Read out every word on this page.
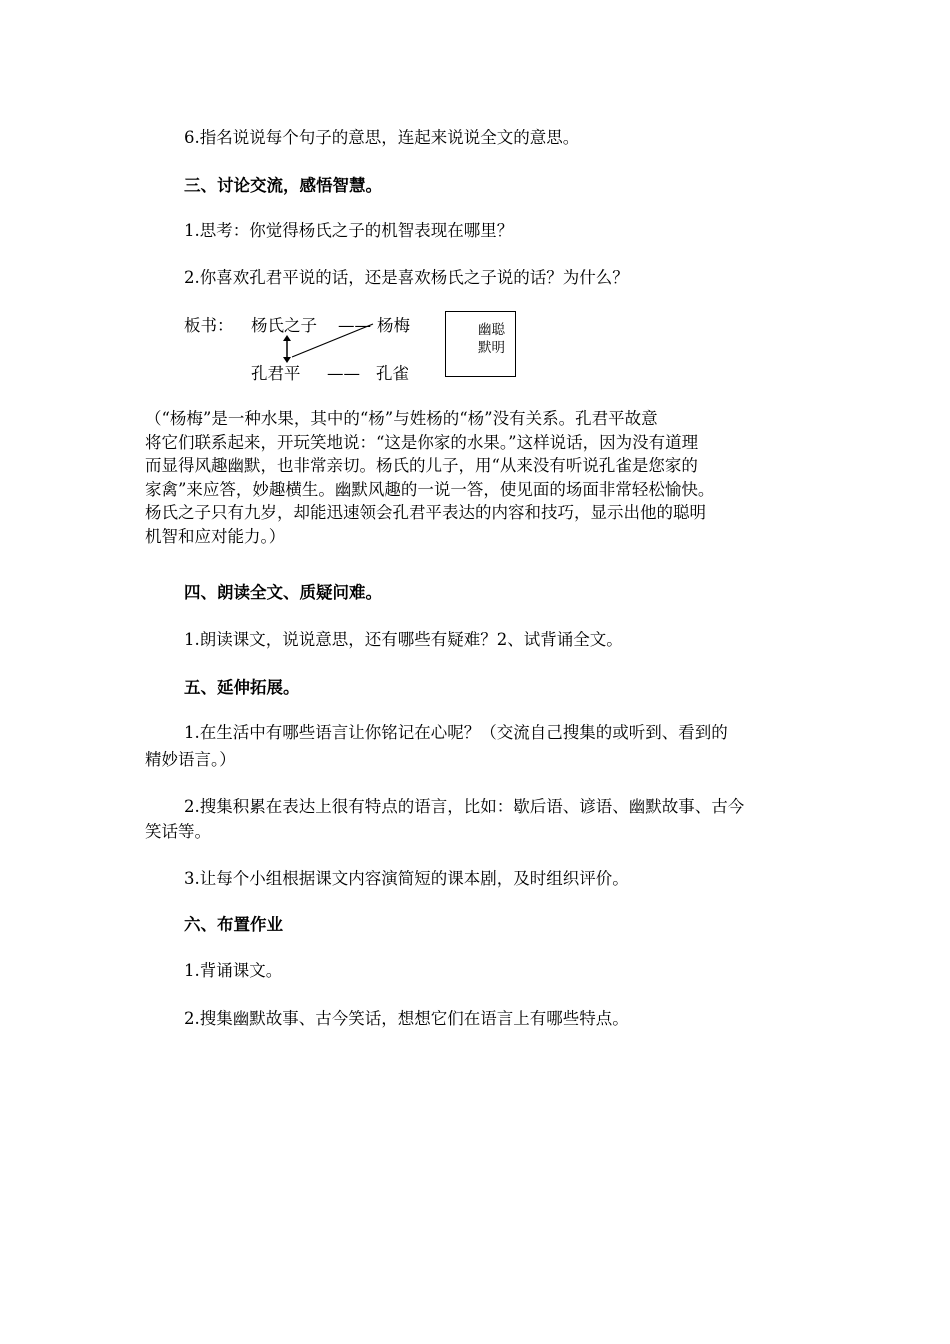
6.指名说说每个句子的意思，连起来说说全文的意思。
三、讨论交流，感悟智慧。
1.思考：你觉得杨氏之子的机智表现在哪里？
2.你喜欢孔君平说的话，还是喜欢杨氏之子说的话？为什么？
板书： 杨氏之子 —— 杨梅
孔君平 —— 孔雀
幽聪
默明
（“杨梅”是一种水果，其中的“杨”与姓杨的“杨”没有关系。孔君平故意
将它们联系起来，开玩笑地说：“这是你家的水果。”这样说话，因为没有道理
而显得风趣幽默，也非常亲切。杨氏的儿子，用“从来没有听说孔雀是您家的
家禽”来应答，妙趣横生。幽默风趣的一说一答，使见面的场面非常轻松愉快。
杨氏之子只有九岁，却能迅速领会孔君平表达的内容和技巧，显示出他的聪明
机智和应对能力。）
四、朗读全文、质疑问难。
1.朗读课文，说说意思，还有哪些有疑难？2、试背诵全文。
五、延伸拓展。
1.在生活中有哪些语言让你铭记在心呢？（交流自己搜集的或听到、看到的
精妙语言。）
2.搜集积累在表达上很有特点的语言，比如：歇后语、谚语、幽默故事、古今
笑话等。
3.让每个小组根据课文内容演简短的课本剧，及时组织评价。
六、布置作业
1.背诵课文。
2.搜集幽默故事、古今笑话，想想它们在语言上有哪些特点。
